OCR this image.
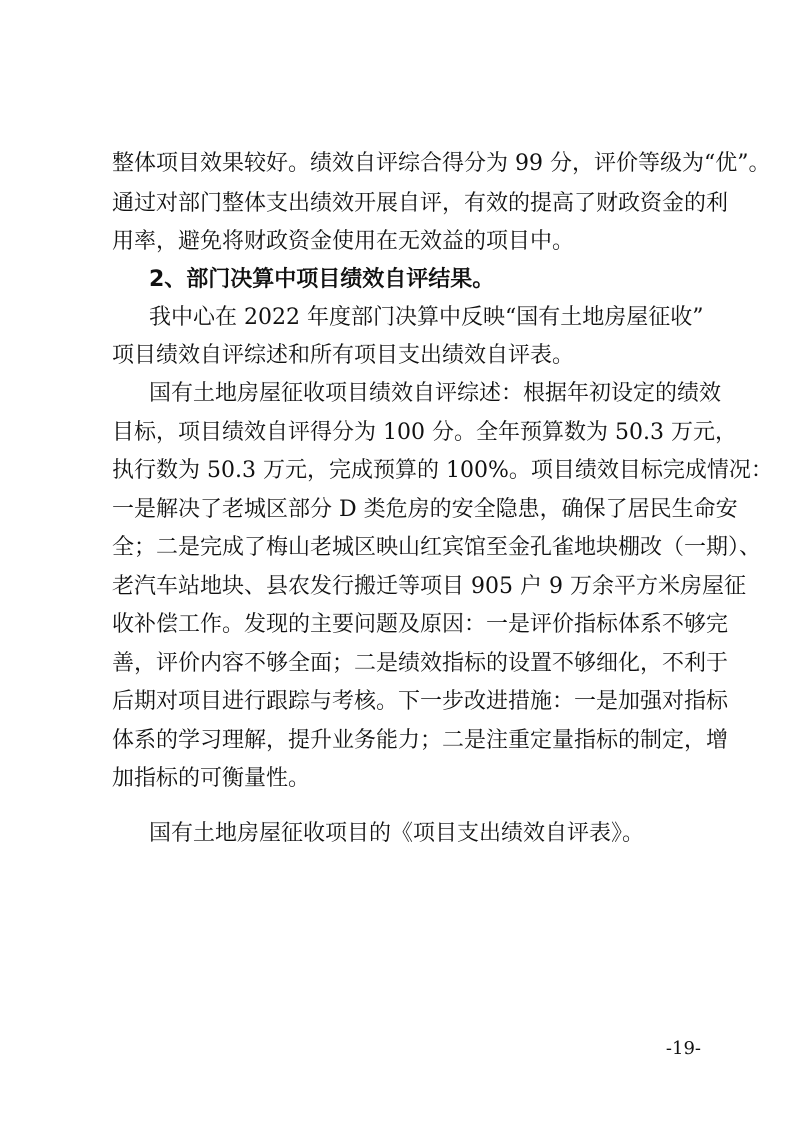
整体项目效果较好。绩效自评综合得分为 99 分，评价等级为“优”。
通过对部门整体支出绩效开展自评，有效的提高了财政资金的利
用率，避免将财政资金使用在无效益的项目中。
2、部门决算中项目绩效自评结果。
我中心在 2022 年度部门决算中反映“国有土地房屋征收”
项目绩效自评综述和所有项目支出绩效自评表。
国有土地房屋征收项目绩效自评综述：根据年初设定的绩效
目标，项目绩效自评得分为 100 分。全年预算数为 50.3 万元，
执行数为 50.3 万元，完成预算的 100%。项目绩效目标完成情况：
一是解决了老城区部分 D 类危房的安全隐患，确保了居民生命安
全；二是完成了梅山老城区映山红宾馆至金孔雀地块棚改（一期）、
老汽车站地块、县农发行搬迁等项目 905 户 9 万余平方米房屋征
收补偿工作。发现的主要问题及原因：一是评价指标体系不够完
善，评价内容不够全面；二是绩效指标的设置不够细化，不利于
后期对项目进行跟踪与考核。下一步改进措施：一是加强对指标
体系的学习理解，提升业务能力；二是注重定量指标的制定，增
加指标的可衡量性。
国有土地房屋征收项目的《项目支出绩效自评表》。
-19-
